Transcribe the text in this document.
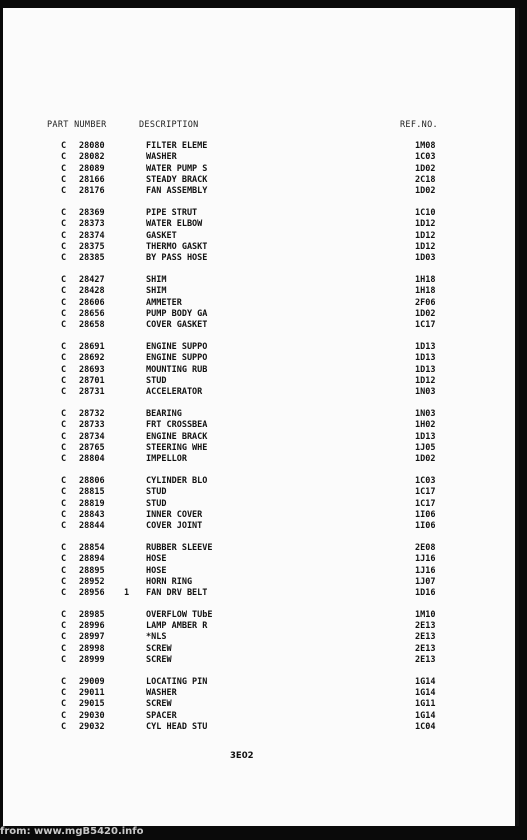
PART NUMBER	DESCRIPTION	REF.NO.
C 28080	FILTER ELEME	1M08
C 28082	WASHER	1C03
C 28089	WATER PUMP S	1D02
C 28166	STEADY BRACK	2C18
C 28176	FAN ASSEMBLY	1D02
C 28369	PIPE STRUT	1C10
C 28373	WATER ELBOW	1D12
C 28374	GASKET	1D12
C 28375	THERMO GASKT	1D12
C 28385	BY PASS HOSE	1D03
C 28427	SHIM	1H18
C 28428	SHIM	1H18
C 28606	AMMETER	2F06
C 28656	PUMP BODY GA	1D02
C 28658	COVER GASKET	1C17
C 28691	ENGINE SUPPO	1D13
C 28692	ENGINE SUPPO	1D13
C 28693	MOUNTING RUB	1D13
C 28701	STUD	1D12
C 28731	ACCELERATOR	1N03
C 28732	BEARING	1N03
C 28733	FRT CROSSBEA	1H02
C 28734	ENGINE BRACK	1D13
C 28765	STEERING WHE	1J05
C 28804	IMPELLOR	1D02
C 28806	CYLINDER BLO	1C03
C 28815	STUD	1C17
C 28819	STUD	1C17
C 28843	INNER COVER	1I06
C 28844	COVER JOINT	1I06
C 28854	RUBBER SLEEVE	2E08
C 28894	HOSE	1J16
C 28895	HOSE	1J16
C 28952	HORN RING	1J07
C 28956 1 FAN DRV BELT	1D16
C 28985	OVERFLOW TUbE	1M10
C 28996	LAMP AMBER R	2E13
C 28997	*NLS	2E13
C 28998	SCREW	2E13
C 28999	SCREW	2E13
C 29009	LOCATING PIN	1G14
C 29011	WASHER	1G14
C 29015	SCREW	1G11
C 29030	SPACER	1G14
C 29032	CYL HEAD STU	1C04
3E02
from: www.mgB5420.info
